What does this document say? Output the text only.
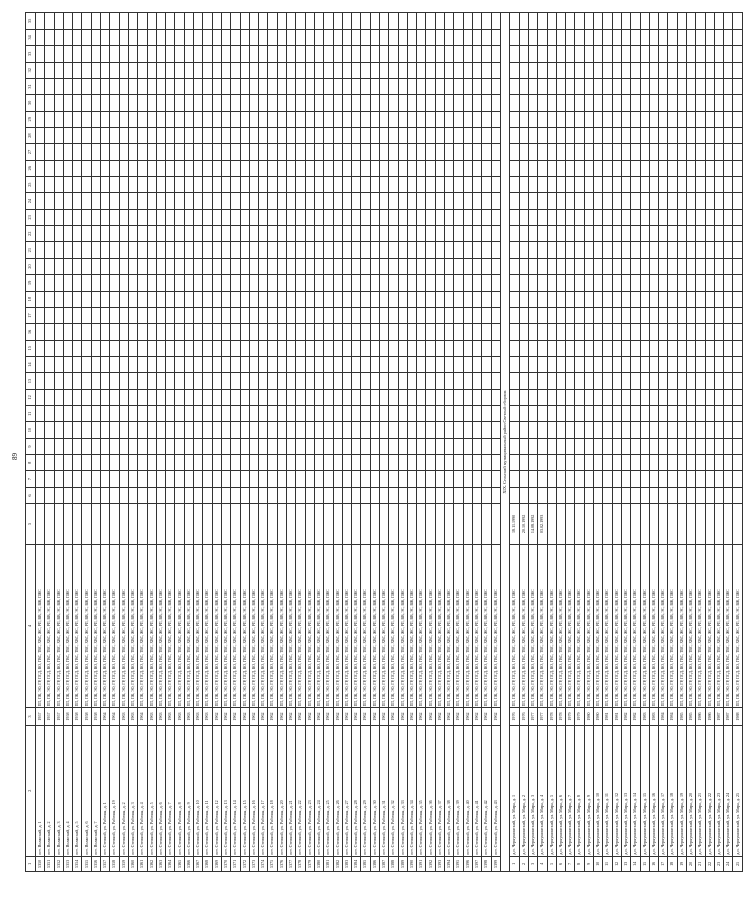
89
1	2	3	4	5	6	7	8	9	10	11	12	13	14	15	16	17	18	19	20	21	22	23	24	25	26	27	28	29	30	31	32	33	34	35
5350	пгт. Волжский, д. 1	1957	ПП, ПК, ЭО, ГР, ПСД, ВО, ГВС, ТВС, ХВС, ЖС, РП, ВВ, ЭС, ВЖ, ПЖС																															
5351	пгт. Волжский, д. 2	1957	ПП, ПК, ЭО, ГР, ПСД, ВО, ГВС, ТВС, ХВС, ЖС, РП, ВВ, ЭС, ВЖ, ПЖС																															
5352	пгт. Волжский, д. 3	1957	ПП, ПК, ЭО, ГР, ПСД, ВО, ГВС, ТВС, ХВС, ЖС, РП, ВВ, ЭС, ВЖ, ПЖС																															
5353	пгт. Волжский, д. 4	1958	ПП, ПК, ЭО, ГР, ПСД, ВО, ГВС, ТВС, ХВС, ЖС, РП, ВВ, ЭС, ВЖ, ПЖС																															
5354	пгт. Волжский, д. 5	1958	ПП, ПК, ЭО, ГР, ПСД, ВО, ГВС, ТВС, ХВС, ЖС, РП, ВВ, ЭС, ВЖ, ПЖС																															
5355	пгт. Волжский, д. 6	1958	ПП, ПК, ЭО, ГР, ПСД, ВО, ГВС, ТВС, ХВС, ЖС, РП, ВВ, ЭС, ВЖ, ПЖС																															
5356	пгт. Волжский, д. 7	1958	ПП, ПК, ЭО, ГР, ПСД, ВО, ГВС, ТВС, ХВС, ЖС, РП, ВВ, ЭС, ВЖ, ПЖС																															
5357	пгт. Степной, ул. Рабочая, д. 1	1964	ПП, ПК, ЭО, ГР, ПСД, ВО, ГВС, ТВС, ХВС, ЖС, РП, ВВ, ЭС, ВЖ, ПЖС																															
5358	пгт. Степной, ул. Рабочая, д. 19	1964	ПП, ПК, ЭО, ГР, ПСД, ВО, ГВС, ТВС, ХВС, ЖС, РП, ВВ, ЭС, ВЖ, ПЖС																															
5359	пгт. Степной, ул. Рабочая, д. 2	1963	ПП, ПК, ЭО, ГР, ПСД, ВО, ГВС, ТВС, ХВС, ЖС, РП, ВВ, ЭС, ВЖ, ПЖС																															
5360	пгт. Степной, ул. Рабочая, д. 3	1963	ПП, ПК, ЭО, ГР, ПСД, ВО, ГВС, ТВС, ХВС, ЖС, РП, ВВ, ЭС, ВЖ, ПЖС																															
5361	пгт. Степной, ул. Рабочая, д. 4	1964	ПП, ПК, ЭО, ГР, ПСД, ВО, ГВС, ТВС, ХВС, ЖС, РП, ВВ, ЭС, ВЖ, ПЖС																															
5362	пгт. Степной, ул. Рабочая, д. 5	1963	ПП, ПК, ЭО, ГР, ПСД, ВО, ГВС, ТВС, ХВС, ЖС, РП, ВВ, ЭС, ВЖ, ПЖС																															
5363	пгт. Степной, ул. Рабочая, д. 6	1963	ПП, ПК, ЭО, ГР, ПСД, ВО, ГВС, ТВС, ХВС, ЖС, РП, ВВ, ЭС, ВЖ, ПЖС																															
5364	пгт. Степной, ул. Рабочая, д. 7	1963	ПП, ПК, ЭО, ГР, ПСД, ВО, ГВС, ТВС, ХВС, ЖС, РП, ВВ, ЭС, ВЖ, ПЖС																															
5365	пгт. Степной, ул. Рабочая, д. 8	1963	ПП, ПК, ЭО, ГР, ПСД, ВО, ГВС, ТВС, ХВС, ЖС, РП, ВВ, ЭС, ВЖ, ПЖС																															
5366	пгт. Степной, ул. Рабочая, д. 9	1963	ПП, ПК, ЭО, ГР, ПСД, ВО, ГВС, ТВС, ХВС, ЖС, РП, ВВ, ЭС, ВЖ, ПЖС																															
5367	пгт. Степной, ул. Рабочая, д. 10	1963	ПП, ПК, ЭО, ГР, ПСД, ВО, ГВС, ТВС, ХВС, ЖС, РП, ВВ, ЭС, ВЖ, ПЖС																															
5368	пгт. Степной, ул. Рабочая, д. 11	1963	ПП, ПК, ЭО, ГР, ПСД, ВО, ГВС, ТВС, ХВС, ЖС, РП, ВВ, ЭС, ВЖ, ПЖС																															
5369	пгт. Степной, ул. Рабочая, д. 12	1962	ПП, ПК, ЭО, ГР, ПСД, ВО, ГВС, ТВС, ХВС, ЖС, РП, ВВ, ЭС, ВЖ, ПЖС																															
5370	пгт. Степной, ул. Рабочая, д. 13	1962	ПП, ПК, ЭО, ГР, ПСД, ВО, ГВС, ТВС, ХВС, ЖС, РП, ВВ, ЭС, ВЖ, ПЖС																															
5371	пгт. Степной, ул. Рабочая, д. 14	1962	ПП, ПК, ЭО, ГР, ПСД, ВО, ГВС, ТВС, ХВС, ЖС, РП, ВВ, ЭС, ВЖ, ПЖС																															
5372	пгт. Степной, ул. Рабочая, д. 15	1962	ПП, ПК, ЭО, ГР, ПСД, ВО, ГВС, ТВС, ХВС, ЖС, РП, ВВ, ЭС, ВЖ, ПЖС																															
5373	пгт. Степной, ул. Рабочая, д. 16	1962	ПП, ПК, ЭО, ГР, ПСД, ВО, ГВС, ТВС, ХВС, ЖС, РП, ВВ, ЭС, ВЖ, ПЖС																															
5374	пгт. Степной, ул. Рабочая, д. 17	1962	ПП, ПК, ЭО, ГР, ПСД, ВО, ГВС, ТВС, ХВС, ЖС, РП, ВВ, ЭС, ВЖ, ПЖС																															
5375	пгт. Степной, ул. Рабочая, д. 18	1962	ПП, ПК, ЭО, ГР, ПСД, ВО, ГВС, ТВС, ХВС, ЖС, РП, ВВ, ЭС, ВЖ, ПЖС																															
5376	пгт. Степной, ул. Рабочая, д. 20	1962	ПП, ПК, ЭО, ГР, ПСД, ВО, ГВС, ТВС, ХВС, ЖС, РП, ВВ, ЭС, ВЖ, ПЖС																															
5377	пгт. Степной, ул. Рабочая, д. 21	1962	ПП, ПК, ЭО, ГР, ПСД, ВО, ГВС, ТВС, ХВС, ЖС, РП, ВВ, ЭС, ВЖ, ПЖС																															
5378	пгт. Степной, ул. Рабочая, д. 22	1962	ПП, ПК, ЭО, ГР, ПСД, ВО, ГВС, ТВС, ХВС, ЖС, РП, ВВ, ЭС, ВЖ, ПЖС																															
5379	пгт. Степной, ул. Рабочая, д. 23	1962	ПП, ПК, ЭО, ГР, ПСД, ВО, ГВС, ТВС, ХВС, ЖС, РП, ВВ, ЭС, ВЖ, ПЖС																															
5380	пгт. Степной, ул. Рабочая, д. 24	1962	ПП, ПК, ЭО, ГР, ПСД, ВО, ГВС, ТВС, ХВС, ЖС, РП, ВВ, ЭС, ВЖ, ПЖС																															
5381	пгт. Степной, ул. Рабочая, д. 25	1962	ПП, ПК, ЭО, ГР, ПСД, ВО, ГВС, ТВС, ХВС, ЖС, РП, ВВ, ЭС, ВЖ, ПЖС																															
5382	пгт. Степной, ул. Рабочая, д. 26	1962	ПП, ПК, ЭО, ГР, ПСД, ВО, ГВС, ТВС, ХВС, ЖС, РП, ВВ, ЭС, ВЖ, ПЖС																															
5383	пгт. Степной, ул. Рабочая, д. 27	1962	ПП, ПК, ЭО, ГР, ПСД, ВО, ГВС, ТВС, ХВС, ЖС, РП, ВВ, ЭС, ВЖ, ПЖС																															
5384	пгт. Степной, ул. Рабочая, д. 28	1962	ПП, ПК, ЭО, ГР, ПСД, ВО, ГВС, ТВС, ХВС, ЖС, РП, ВВ, ЭС, ВЖ, ПЖС																															
5385	пгт. Степной, ул. Рабочая, д. 29	1962	ПП, ПК, ЭО, ГР, ПСД, ВО, ГВС, ТВС, ХВС, ЖС, РП, ВВ, ЭС, ВЖ, ПЖС																															
5386	пгт. Степной, ул. Рабочая, д. 30	1962	ПП, ПК, ЭО, ГР, ПСД, ВО, ГВС, ТВС, ХВС, ЖС, РП, ВВ, ЭС, ВЖ, ПЖС																															
5387	пгт. Степной, ул. Рабочая, д. 31	1962	ПП, ПК, ЭО, ГР, ПСД, ВО, ГВС, ТВС, ХВС, ЖС, РП, ВВ, ЭС, ВЖ, ПЖС																															
5388	пгт. Степной, ул. Рабочая, д. 32	1962	ПП, ПК, ЭО, ГР, ПСД, ВО, ГВС, ТВС, ХВС, ЖС, РП, ВВ, ЭС, ВЖ, ПЖС																															
5389	пгт. Степной, ул. Рабочая, д. 33	1962	ПП, ПК, ЭО, ГР, ПСД, ВО, ГВС, ТВС, ХВС, ЖС, РП, ВВ, ЭС, ВЖ, ПЖС																															
5390	пгт. Степной, ул. Рабочая, д. 34	1962	ПП, ПК, ЭО, ГР, ПСД, ВО, ГВС, ТВС, ХВС, ЖС, РП, ВВ, ЭС, ВЖ, ПЖС																															
5391	пгт. Степной, ул. Рабочая, д. 35	1962	ПП, ПК, ЭО, ГР, ПСД, ВО, ГВС, ТВС, ХВС, ЖС, РП, ВВ, ЭС, ВЖ, ПЖС																															
5392	пгт. Степной, ул. Рабочая, д. 36	1962	ПП, ПК, ЭО, ГР, ПСД, ВО, ГВС, ТВС, ХВС, ЖС, РП, ВВ, ЭС, ВЖ, ПЖС																															
5393	пгт. Степной, ул. Рабочая, д. 37	1962	ПП, ПК, ЭО, ГР, ПСД, ВО, ГВС, ТВС, ХВС, ЖС, РП, ВВ, ЭС, ВЖ, ПЖС																															
5394	пгт. Степной, ул. Рабочая, д. 38	1962	ПП, ПК, ЭО, ГР, ПСД, ВО, ГВС, ТВС, ХВС, ЖС, РП, ВВ, ЭС, ВЖ, ПЖС																															
5395	пгт. Степной, ул. Рабочая, д. 39	1962	ПП, ПК, ЭО, ГР, ПСД, ВО, ГВС, ТВС, ХВС, ЖС, РП, ВВ, ЭС, ВЖ, ПЖС																															
5396	пгт. Степной, ул. Рабочая, д. 40	1962	ПП, ПК, ЭО, ГР, ПСД, ВО, ГВС, ТВС, ХВС, ЖС, РП, ВВ, ЭС, ВЖ, ПЖС																															
5397	пгт. Степной, ул. Рабочая, д. 41	1962	ПП, ПК, ЭО, ГР, ПСД, ВО, ГВС, ТВС, ХВС, ЖС, РП, ВВ, ЭС, ВЖ, ПЖС																															
5398	пгт. Степной, ул. Рабочая, д. 42	1962	ПП, ПК, ЭО, ГР, ПСД, ВО, ГВС, ТВС, ХВС, ЖС, РП, ВВ, ЭС, ВЖ, ПЖС																															
5399	пгт. Степной, ул. Рабочая, д. 43	1962	ПП, ПК, ЭО, ГР, ПСД, ВО, ГВС, ТВС, ХВС, ЖС, РП, ВВ, ЭС, ВЖ, ПЖС																															
XIX. Сельский муниципальный район Светлый сборник																																		
1	д.п. Чернушинский, ул. Мира, д. 1	1976	ПП, ПК, ЭО, ГР, ПСД, ВО, ГВС, ТВС, ХВС, ЖС, РП, ВВ, ЭС, ВЖ, ПЖС	18.11.1990																														
2	д.п. Чернушинский, ул. Мира, д. 2	1976	ПП, ПК, ЭО, ГР, ПСД, ВО, ГВС, ТВС, ХВС, ЖС, РП, ВВ, ЭС, ВЖ, ПЖС	20.10.1992																														
3	д.п. Чернушинский, ул. Мира, д. 3	1977	ПП, ПК, ЭО, ГР, ПСД, ВО, ГВС, ТВС, ХВС, ЖС, РП, ВВ, ЭС, ВЖ, ПЖС	14.08.1992																														
4	д.п. Чернушинский, ул. Мира, д. 4	1977	ПП, ПК, ЭО, ГР, ПСД, ВО, ГВС, ТВС, ХВС, ЖС, РП, ВВ, ЭС, ВЖ, ПЖС	03.02.1993																														
5	д.п. Чернушинский, ул. Мира, д. 5	1978	ПП, ПК, ЭО, ГР, ПСД, ВО, ГВС, ТВС, ХВС, ЖС, РП, ВВ, ЭС, ВЖ, ПЖС																															
6	д.п. Чернушинский, ул. Мира, д. 6	1978	ПП, ПК, ЭО, ГР, ПСД, ВО, ГВС, ТВС, ХВС, ЖС, РП, ВВ, ЭС, ВЖ, ПЖС																															
7	д.п. Чернушинский, ул. Мира, д. 7	1979	ПП, ПК, ЭО, ГР, ПСД, ВО, ГВС, ТВС, ХВС, ЖС, РП, ВВ, ЭС, ВЖ, ПЖС																															
8	д.п. Чернушинский, ул. Мира, д. 8	1979	ПП, ПК, ЭО, ГР, ПСД, ВО, ГВС, ТВС, ХВС, ЖС, РП, ВВ, ЭС, ВЖ, ПЖС																															
9	д.п. Чернушинский, ул. Мира, д. 9	1980	ПП, ПК, ЭО, ГР, ПСД, ВО, ГВС, ТВС, ХВС, ЖС, РП, ВВ, ЭС, ВЖ, ПЖС																															
10	д.п. Чернушинский, ул. Мира, д. 10	1980	ПП, ПК, ЭО, ГР, ПСД, ВО, ГВС, ТВС, ХВС, ЖС, РП, ВВ, ЭС, ВЖ, ПЖС																															
11	д.п. Чернушинский, ул. Мира, д. 11	1981	ПП, ПК, ЭО, ГР, ПСД, ВО, ГВС, ТВС, ХВС, ЖС, РП, ВВ, ЭС, ВЖ, ПЖС																															
12	д.п. Чернушинский, ул. Мира, д. 12	1981	ПП, ПК, ЭО, ГР, ПСД, ВО, ГВС, ТВС, ХВС, ЖС, РП, ВВ, ЭС, ВЖ, ПЖС																															
13	д.п. Чернушинский, ул. Мира, д. 13	1982	ПП, ПК, ЭО, ГР, ПСД, ВО, ГВС, ТВС, ХВС, ЖС, РП, ВВ, ЭС, ВЖ, ПЖС																															
14	д.п. Чернушинский, ул. Мира, д. 14	1982	ПП, ПК, ЭО, ГР, ПСД, ВО, ГВС, ТВС, ХВС, ЖС, РП, ВВ, ЭС, ВЖ, ПЖС																															
15	д.п. Чернушинский, ул. Мира, д. 15	1983	ПП, ПК, ЭО, ГР, ПСД, ВО, ГВС, ТВС, ХВС, ЖС, РП, ВВ, ЭС, ВЖ, ПЖС																															
16	д.п. Чернушинский, ул. Мира, д. 16	1983	ПП, ПК, ЭО, ГР, ПСД, ВО, ГВС, ТВС, ХВС, ЖС, РП, ВВ, ЭС, ВЖ, ПЖС																															
17	д.п. Чернушинский, ул. Мира, д. 17	1984	ПП, ПК, ЭО, ГР, ПСД, ВО, ГВС, ТВС, ХВС, ЖС, РП, ВВ, ЭС, ВЖ, ПЖС																															
18	д.п. Чернушинский, ул. Мира, д. 18	1984	ПП, ПК, ЭО, ГР, ПСД, ВО, ГВС, ТВС, ХВС, ЖС, РП, ВВ, ЭС, ВЖ, ПЖС																															
19	д.п. Чернушинский, ул. Мира, д. 19	1985	ПП, ПК, ЭО, ГР, ПСД, ВО, ГВС, ТВС, ХВС, ЖС, РП, ВВ, ЭС, ВЖ, ПЖС																															
20	д.п. Чернушинский, ул. Мира, д. 20	1985	ПП, ПК, ЭО, ГР, ПСД, ВО, ГВС, ТВС, ХВС, ЖС, РП, ВВ, ЭС, ВЖ, ПЖС																															
21	д.п. Чернушинский, ул. Мира, д. 21	1986	ПП, ПК, ЭО, ГР, ПСД, ВО, ГВС, ТВС, ХВС, ЖС, РП, ВВ, ЭС, ВЖ, ПЖС																															
22	д.п. Чернушинский, ул. Мира, д. 22	1986	ПП, ПК, ЭО, ГР, ПСД, ВО, ГВС, ТВС, ХВС, ЖС, РП, ВВ, ЭС, ВЖ, ПЖС																															
23	д.п. Чернушинский, ул. Мира, д. 23	1987	ПП, ПК, ЭО, ГР, ПСД, ВО, ГВС, ТВС, ХВС, ЖС, РП, ВВ, ЭС, ВЖ, ПЖС																															
24	д.п. Чернушинский, ул. Мира, д. 24	1987	ПП, ПК, ЭО, ГР, ПСД, ВО, ГВС, ТВС, ХВС, ЖС, РП, ВВ, ЭС, ВЖ, ПЖС																															
25	д.п. Чернушинский, ул. Мира, д. 25	1988	ПП, ПК, ЭО, ГР, ПСД, ВО, ГВС, ТВС, ХВС, ЖС, РП, ВВ, ЭС, ВЖ, ПЖС																															
